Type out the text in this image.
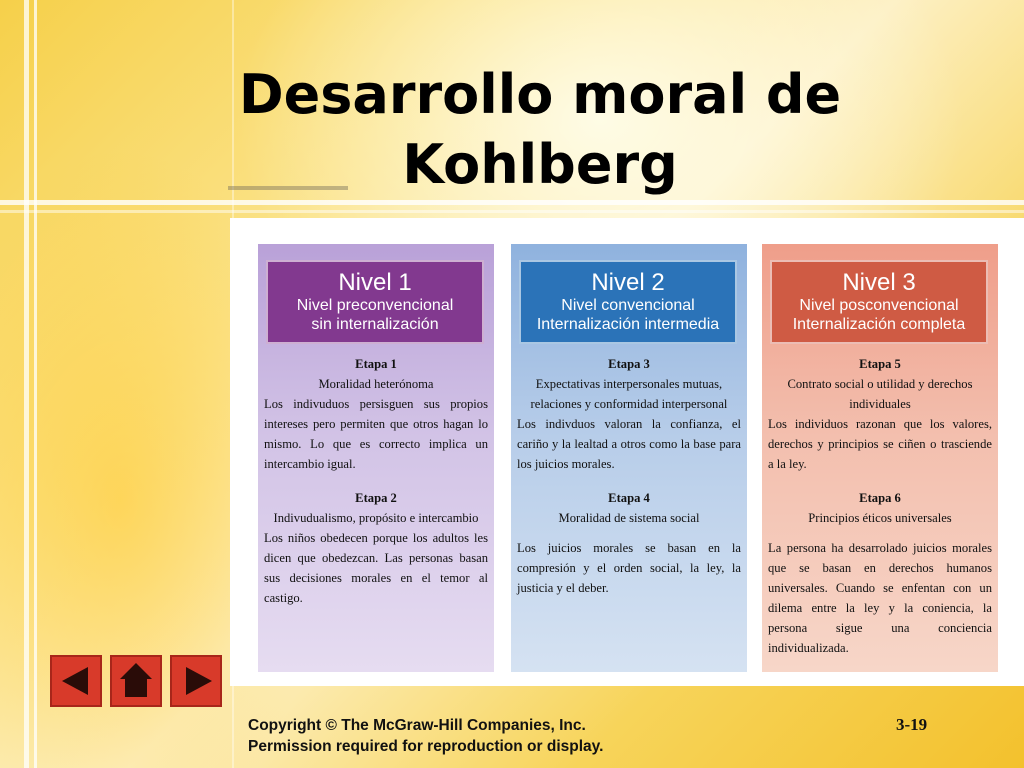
Desarrollo moral de
Kohlberg
Nivel 1
Nivel preconvencional
sin internalización
Etapa 1
Moralidad heterónoma
Los indivuduos persisguen sus propios intereses pero permiten que otros hagan lo mismo. Lo que es correcto implica un intercambio igual.
Etapa 2
Indivudualismo, propósito e intercambio
Los niños obedecen porque los adultos les dicen que obedezcan. Las personas basan sus decisiones morales en el temor al castigo.
Nivel 2
Nivel convencional
Internalización intermedia
Etapa 3
Expectativas interpersonales mutuas, relaciones y conformidad interpersonal
Los indivduos valoran la confianza, el cariño y la lealtad a otros como la base para los juicios morales.
Etapa 4
Moralidad de sistema social
Los juicios morales se basan en la compresión y el orden social, la ley, la justicia y el deber.
Nivel 3
Nivel posconvencional
Internalización completa
Etapa 5
Contrato social o utilidad y derechos individuales
Los individuos razonan que los valores, derechos y principios se ciñen o trasciende a la ley.
Etapa 6
Principios éticos universales
La persona ha desarrolado juicios morales que se basan en derechos humanos universales. Cuando se enfentan con un dilema entre la ley y la coniencia, la persona sigue una conciencia individualizada.
Copyright © The McGraw-Hill Companies, Inc.
Permission required for reproduction or display.
3-19
